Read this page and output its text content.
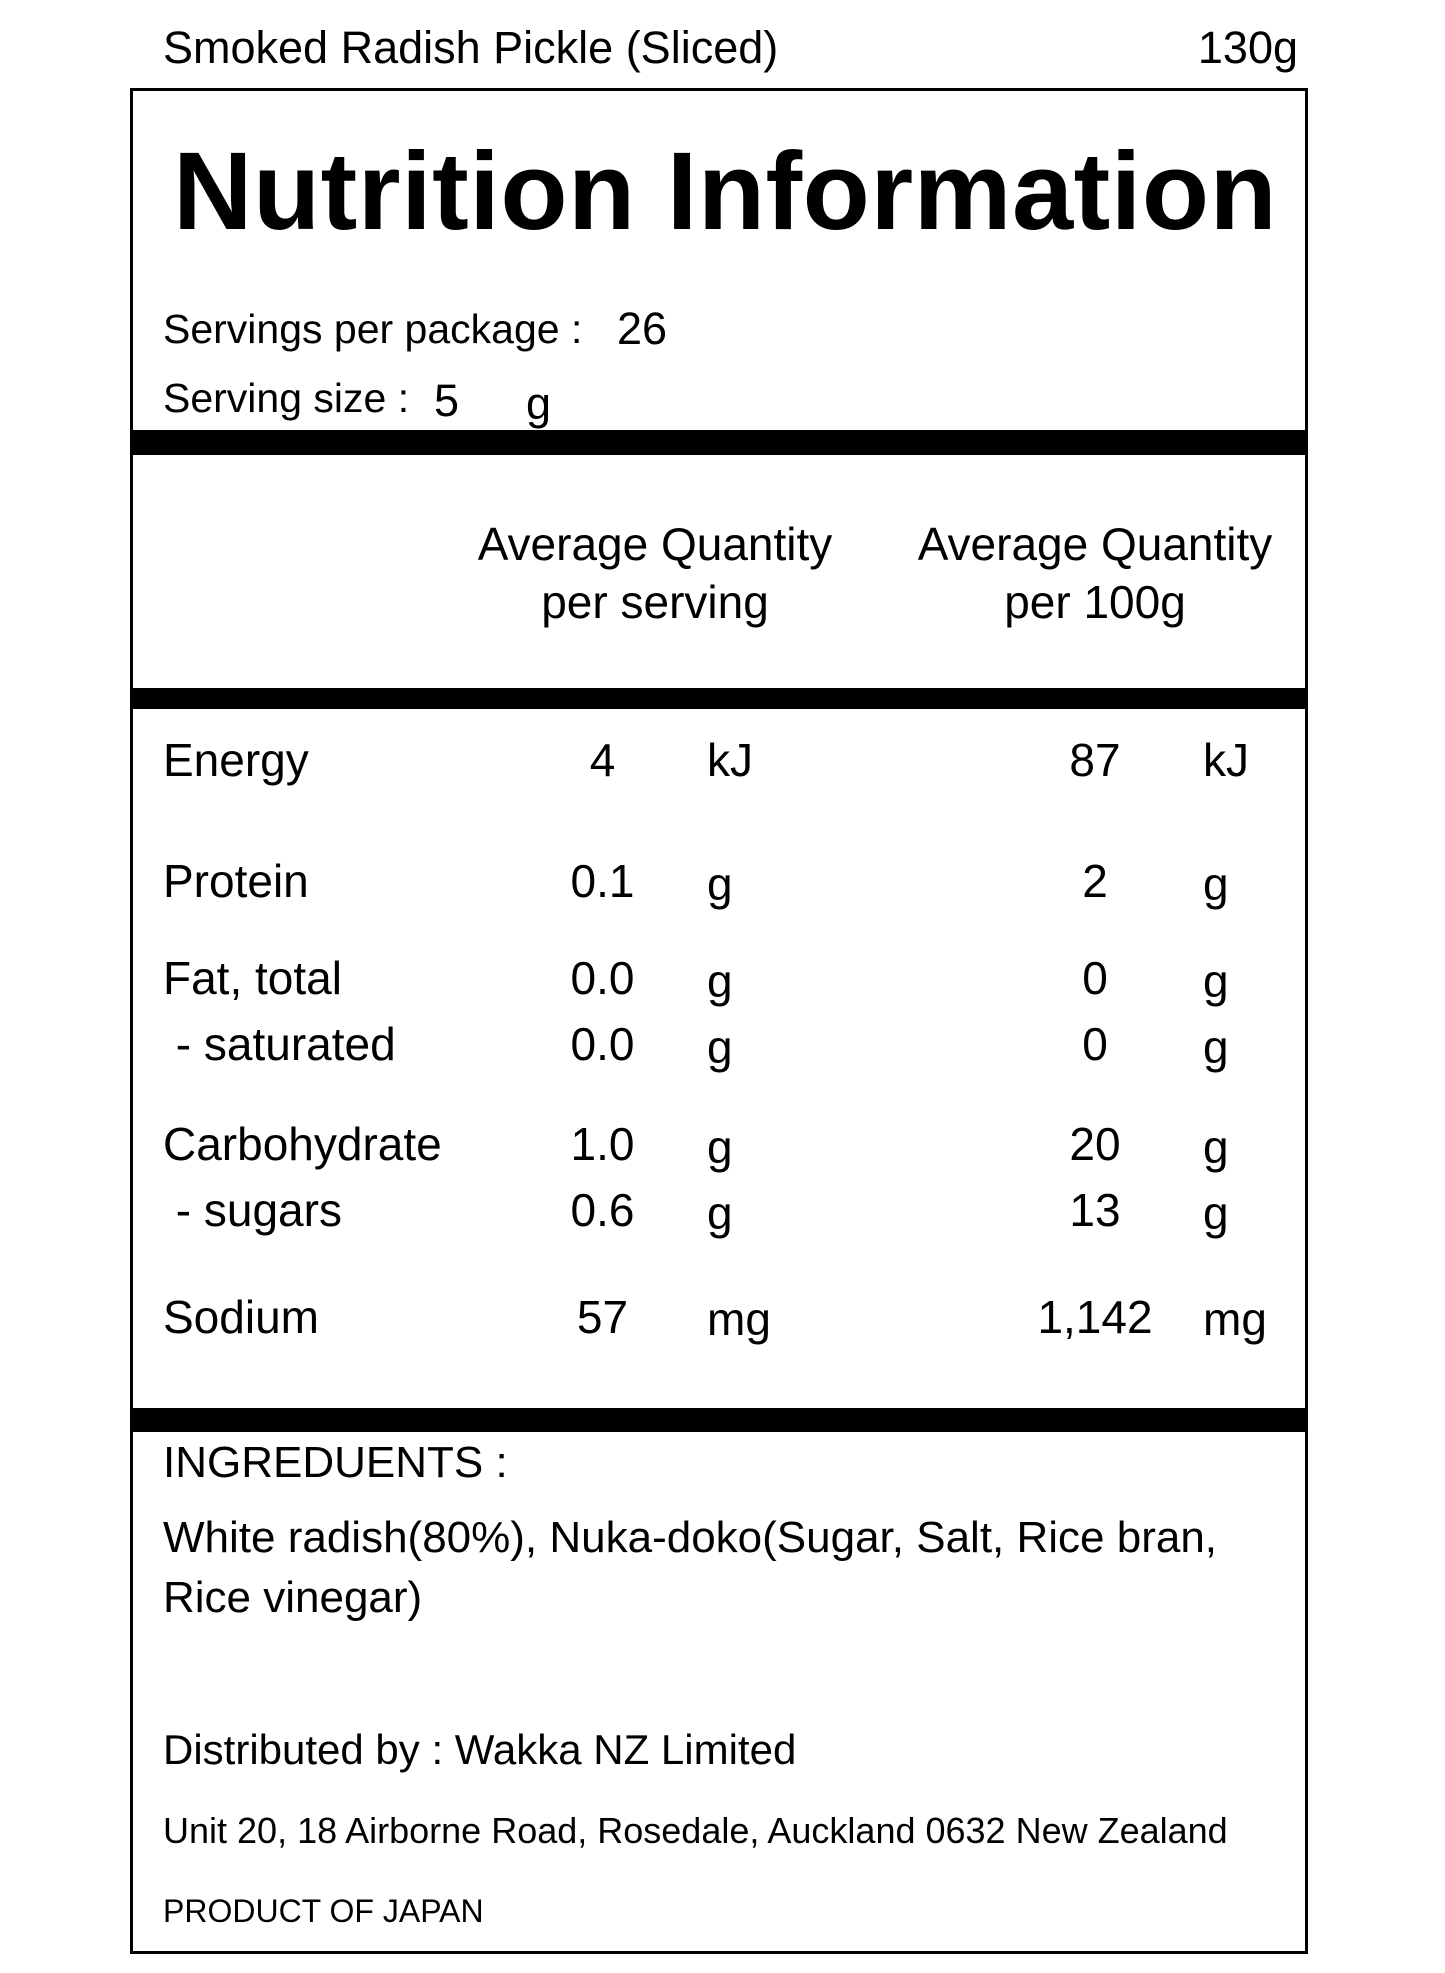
Smoked Radish Pickle (Sliced)	130g
Nutrition Information
Servings per package : 26
Serving size : 5 g
Average Quantity
per serving
Average Quantity
per 100g
Energy	4	kJ	87	kJ
Protein	0.1	g	2	g
Fat, total	0.0	g	0	g
- saturated	0.0	g	0	g
Carbohydrate	1.0	g	20	g
- sugars	0.6	g	13	g
Sodium	57	mg	1,142	mg
INGREDUENTS :
White radish(80%), Nuka-doko(Sugar, Salt, Rice bran, Rice vinegar)
Distributed by : Wakka NZ Limited
Unit 20, 18 Airborne Road, Rosedale, Auckland 0632 New Zealand
PRODUCT OF JAPAN
